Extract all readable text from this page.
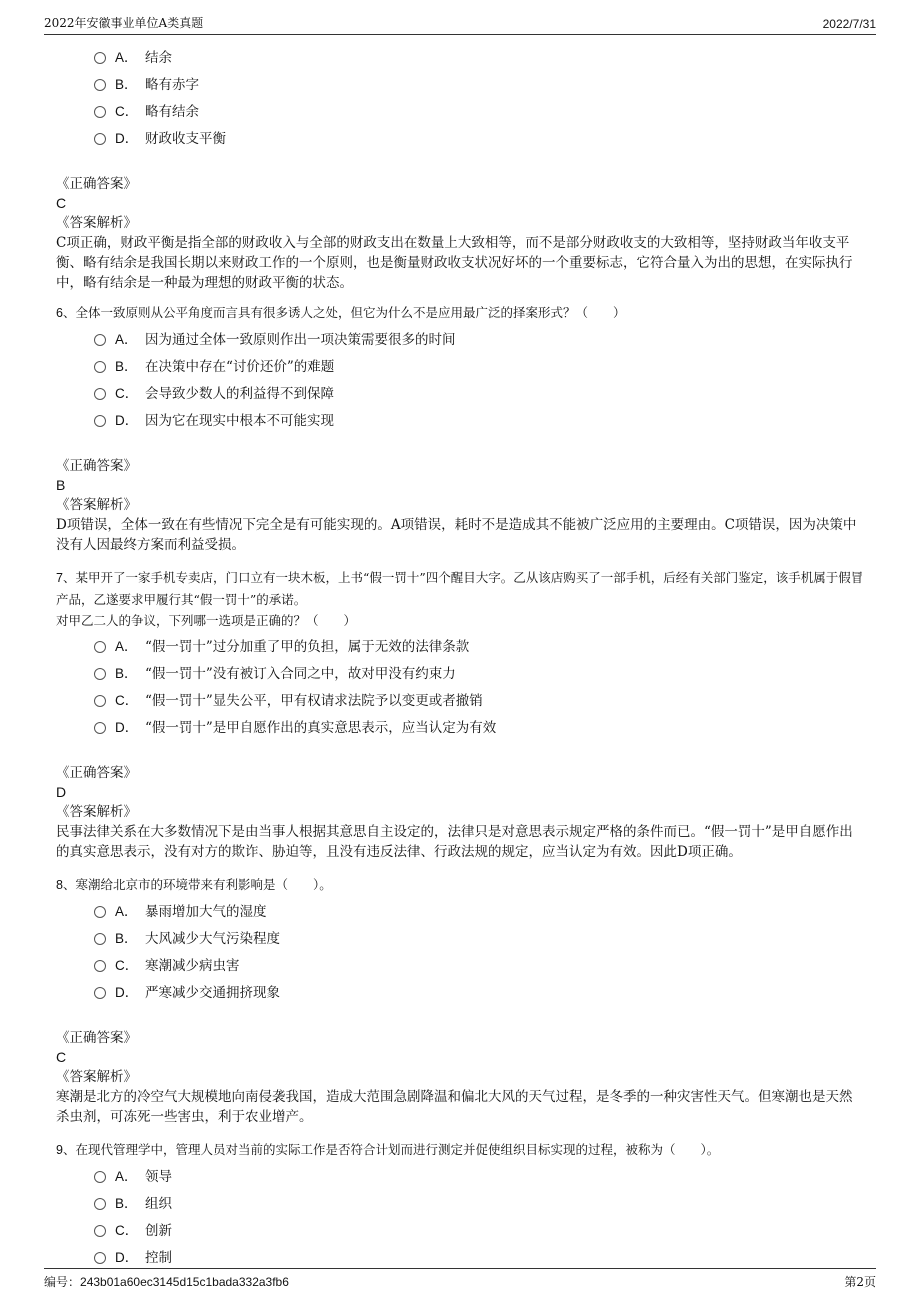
2022年安徽事业单位A类真题	2022/7/31
A． 结余
B． 略有赤字
C． 略有结余
D． 财政收支平衡
《正确答案》
C
《答案解析》
C项正确，财政平衡是指全部的财政收入与全部的财政支出在数量上大致相等，而不是部分财政收支的大致相等，坚持财政当年收支平衡、略有结余是我国长期以来财政工作的一个原则，也是衡量财政收支状况好坏的一个重要标志，它符合量入为出的思想，在实际执行中，略有结余是一种最为理想的财政平衡的状态。
6、全体一致原则从公平角度而言具有很多诱人之处，但它为什么不是应用最广泛的择案形式？（　　）
A． 因为通过全体一致原则作出一项决策需要很多的时间
B． 在决策中存在“讨价还价”的难题
C． 会导致少数人的利益得不到保障
D． 因为它在现实中根本不可能实现
《正确答案》
B
《答案解析》
D项错误，全体一致在有些情况下完全是有可能实现的。A项错误，耗时不是造成其不能被广泛应用的主要理由。C项错误，因为决策中没有人因最终方案而利益受损。
7、某甲开了一家手机专卖店，门口立有一块木板，上书“假一罚十”四个醒目大字。乙从该店购买了一部手机，后经有关部门鉴定，该手机属于假冒产品，乙遂要求甲履行其“假一罚十”的承诺。
对甲乙二人的争议，下列哪一选项是正确的？（　　）
A． “假一罚十”过分加重了甲的负担，属于无效的法律条款
B． “假一罚十”没有被订入合同之中，故对甲没有约束力
C． “假一罚十”显失公平，甲有权请求法院予以变更或者撤销
D． “假一罚十”是甲自愿作出的真实意思表示，应当认定为有效
《正确答案》
D
《答案解析》
民事法律关系在大多数情况下是由当事人根据其意思自主设定的，法律只是对意思表示规定严格的条件而已。“假一罚十”是甲自愿作出的真实意思表示，没有对方的欺诈、胁迫等，且没有违反法律、行政法规的规定，应当认定为有效。因此D项正确。
8、寒潮给北京市的环境带来有利影响是（　　）。
A． 暴雨增加大气的湿度
B． 大风减少大气污染程度
C． 寒潮减少病虫害
D． 严寒减少交通拥挤现象
《正确答案》
C
《答案解析》
寒潮是北方的冷空气大规模地向南侵袭我国，造成大范围急剧降温和偏北大风的天气过程，是冬季的一种灾害性天气。但寒潮也是天然杀虫剂，可冻死一些害虫，利于农业增产。
9、在现代管理学中，管理人员对当前的实际工作是否符合计划而进行测定并促使组织目标实现的过程，被称为（　　）。
A． 领导
B． 组织
C． 创新
D． 控制
编号：243b01a60ec3145d15c1bada332a3fb6	第2页
